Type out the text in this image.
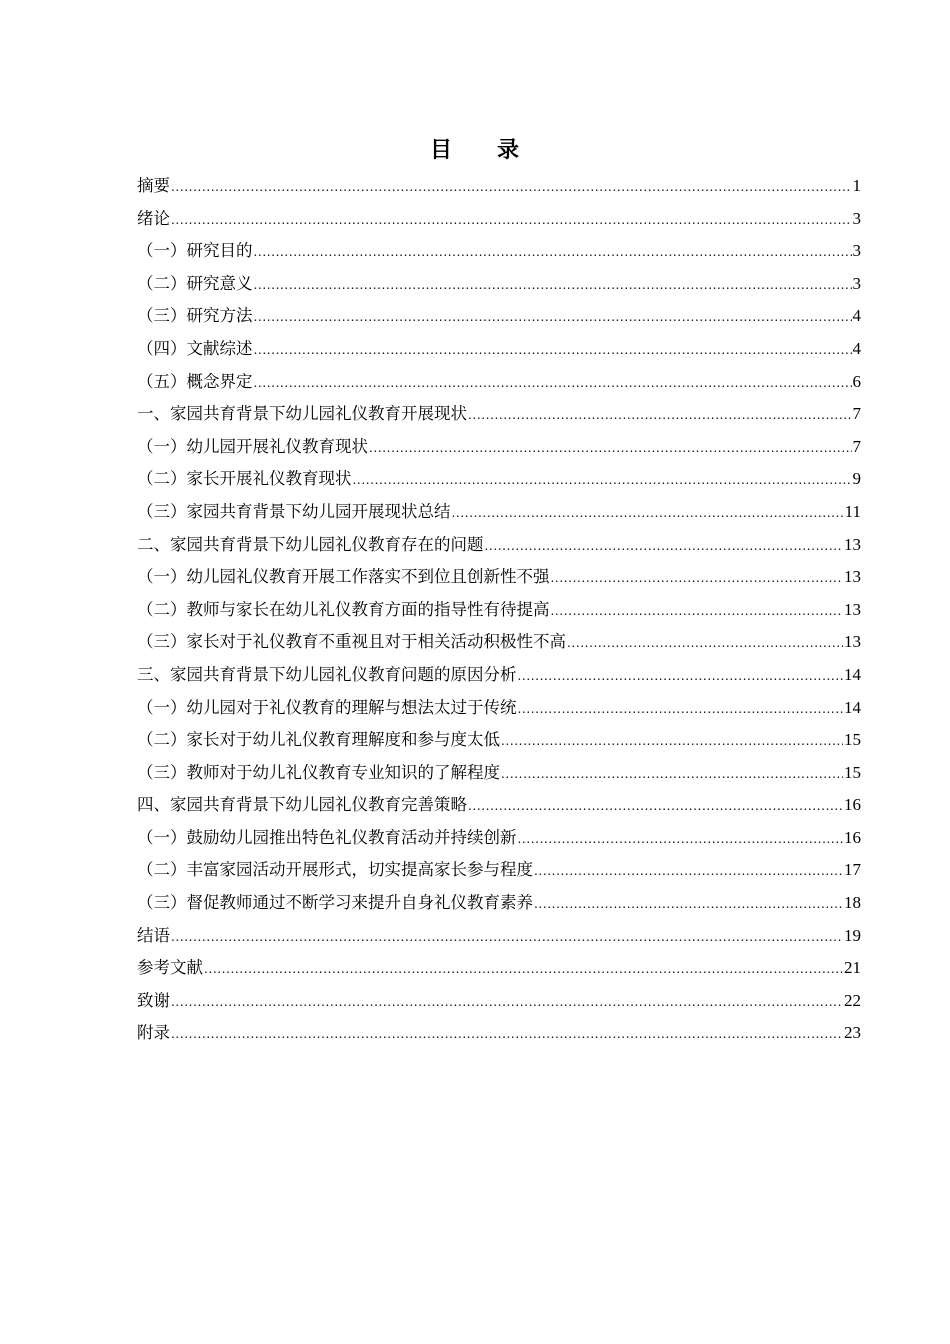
目 录
摘要 .....	1
绪论 .....	3
（一）研究目的 .....	3
（二）研究意义 .....	3
（三）研究方法 .....	4
（四）文献综述 .....	4
（五）概念界定 .....	6
一、家园共育背景下幼儿园礼仪教育开展现状 .....	7
（一）幼儿园开展礼仪教育现状 .....	7
（二）家长开展礼仪教育现状 .....	9
（三）家园共育背景下幼儿园开展现状总结 .....	11
二、家园共育背景下幼儿园礼仪教育存在的问题 .....	13
（一）幼儿园礼仪教育开展工作落实不到位且创新性不强 .....	13
（二）教师与家长在幼儿礼仪教育方面的指导性有待提高 .....	13
（三）家长对于礼仪教育不重视且对于相关活动积极性不高 .....	13
三、家园共育背景下幼儿园礼仪教育问题的原因分析 .....	14
（一）幼儿园对于礼仪教育的理解与想法太过于传统 .....	14
（二）家长对于幼儿礼仪教育理解度和参与度太低 .....	15
（三）教师对于幼儿礼仪教育专业知识的了解程度 .....	15
四、家园共育背景下幼儿园礼仪教育完善策略 .....	16
（一）鼓励幼儿园推出特色礼仪教育活动并持续创新 .....	16
（二）丰富家园活动开展形式，切实提高家长参与程度 .....	17
（三）督促教师通过不断学习来提升自身礼仪教育素养 .....	18
结语 .....	19
参考文献 .....	21
致谢 .....	22
附录 .....	23
